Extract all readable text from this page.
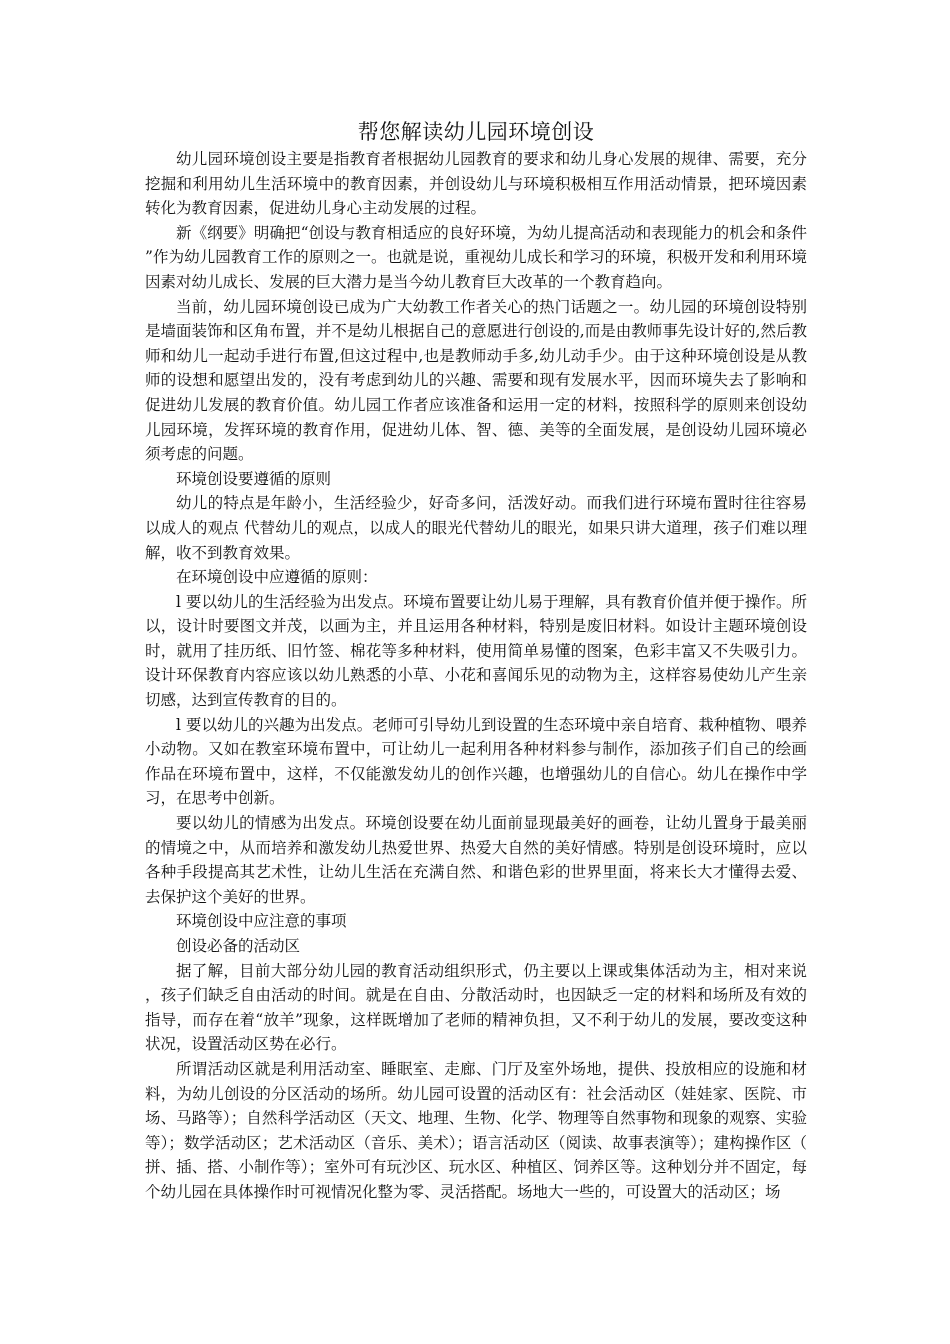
帮您解读幼儿园环境创设

幼儿园环境创设主要是指教育者根据幼儿园教育的要求和幼儿身心发展的规律、需要，充分挖掘和利用幼儿生活环境中的教育因素，并创设幼儿与环境积极相互作用活动情景，把环境因素转化为教育因素，促进幼儿身心主动发展的过程。

新《纲要》明确把“创设与教育相适应的良好环境，为幼儿提高活动和表现能力的机会和条件”作为幼儿园教育工作的原则之一。也就是说，重视幼儿成长和学习的环境，积极开发和利用环境因素对幼儿成长、发展的巨大潜力是当今幼儿教育巨大改革的一个教育趋向。

当前，幼儿园环境创设已成为广大幼教工作者关心的热门话题之一。幼儿园的环境创设特别是墙面装饰和区角布置，并不是幼儿根据自己的意愿进行创设的,而是由教师事先设计好的,然后教师和幼儿一起动手进行布置,但这过程中,也是教师动手多,幼儿动手少。由于这种环境创设是从教师的设想和愿望出发的，没有考虑到幼儿的兴趣、需要和现有发展水平，因而环境失去了影响和促进幼儿发展的教育价值。幼儿园工作者应该准备和运用一定的材料，按照科学的原则来创设幼儿园环境，发挥环境的教育作用，促进幼儿体、智、德、美等的全面发展，是创设幼儿园环境必须考虑的问题。

环境创设要遵循的原则

幼儿的特点是年龄小，生活经验少，好奇多问，活泼好动。而我们进行环境布置时往往容易以成人的观点 代替幼儿的观点，以成人的眼光代替幼儿的眼光，如果只讲大道理，孩子们难以理解，收不到教育效果。

在环境创设中应遵循的原则：

l 要以幼儿的生活经验为出发点。环境布置要让幼儿易于理解，具有教育价值并便于操作。所以，设计时要图文并茂，以画为主，并且运用各种材料，特别是废旧材料。如设计主题环境创设时，就用了挂历纸、旧竹签、棉花等多种材料，使用简单易懂的图案，色彩丰富又不失吸引力。设计环保教育内容应该以幼儿熟悉的小草、小花和喜闻乐见的动物为主，这样容易使幼儿产生亲切感，达到宣传教育的目的。

l 要以幼儿的兴趣为出发点。老师可引导幼儿到设置的生态环境中亲自培育、栽种植物、喂养小动物。又如在教室环境布置中，可让幼儿一起利用各种材料参与制作，添加孩子们自己的绘画作品在环境布置中，这样，不仅能激发幼儿的创作兴趣，也增强幼儿的自信心。幼儿在操作中学习，在思考中创新。

要以幼儿的情感为出发点。环境创设要在幼儿面前显现最美好的画卷，让幼儿置身于最美丽的情境之中，从而培养和激发幼儿热爱世界、热爱大自然的美好情感。特别是创设环境时，应以各种手段提高其艺术性，让幼儿生活在充满自然、和谐色彩的世界里面，将来长大才懂得去爱、去保护这个美好的世界。

环境创设中应注意的事项

创设必备的活动区

据了解，目前大部分幼儿园的教育活动组织形式，仍主要以上课或集体活动为主，相对来说，孩子们缺乏自由活动的时间。就是在自由、分散活动时，也因缺乏一定的材料和场所及有效的指导，而存在着“放羊”现象，这样既增加了老师的精神负担，又不利于幼儿的发展，要改变这种状况，设置活动区势在必行。

所谓活动区就是利用活动室、睡眠室、走廊、门厅及室外场地，提供、投放相应的设施和材料，为幼儿创设的分区活动的场所。幼儿园可设置的活动区有：社会活动区（娃娃家、医院、市场、马路等）；自然科学活动区（天文、地理、生物、化学、物理等自然事物和现象的观察、实验等）；数学活动区；艺术活动区（音乐、美术）；语言活动区（阅读、故事表演等）；建构操作区（拼、插、搭、小制作等）；室外可有玩沙区、玩水区、种植区、饲养区等。这种划分并不固定，每个幼儿园在具体操作时可视情况化整为零、灵活搭配。场地大一些的，可设置大的活动区；场
